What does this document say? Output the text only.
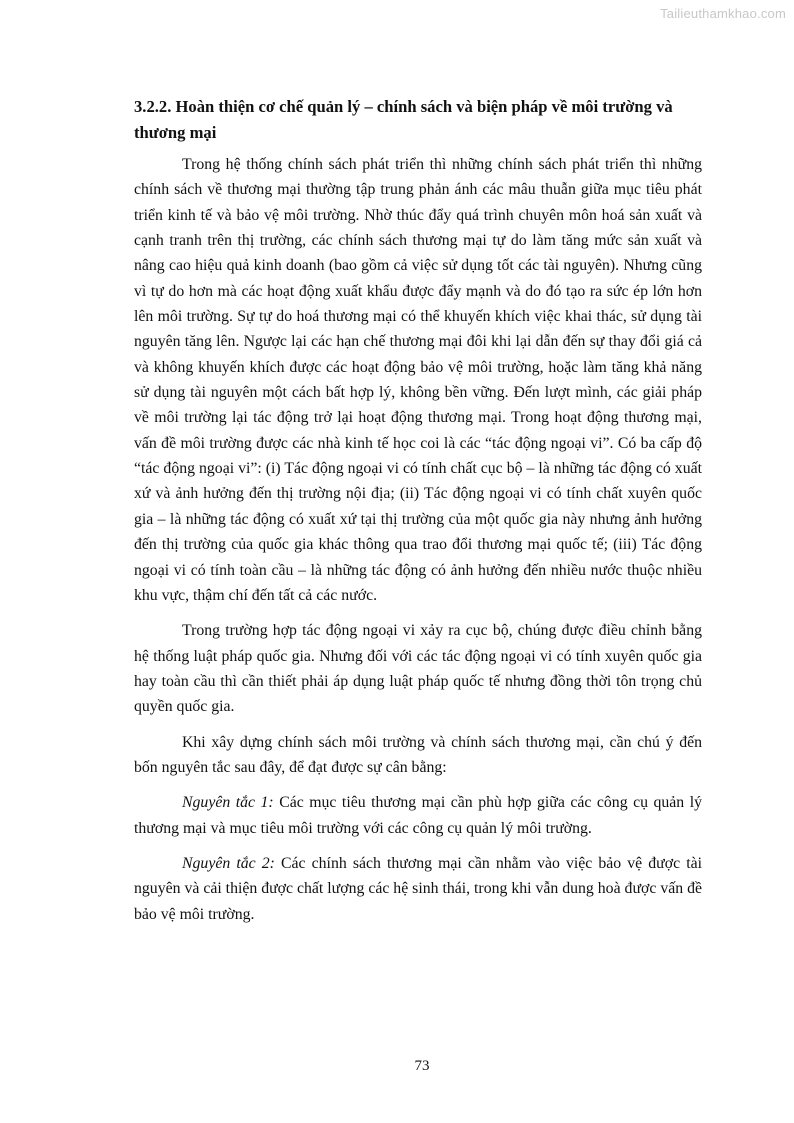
Tailieuthamkhao.com
3.2.2. Hoàn thiện cơ chế quản lý – chính sách và biện pháp về môi trường và thương mại

Trong hệ thống chính sách phát triển thì những chính sách phát triển thì những chính sách về thương mại thường tập trung phản ánh các mâu thuẫn giữa mục tiêu phát triển kinh tế và bảo vệ môi trường. Nhờ thúc đẩy quá trình chuyên môn hoá sản xuất và cạnh tranh trên thị trường, các chính sách thương mại tự do làm tăng mức sản xuất và nâng cao hiệu quả kinh doanh (bao gồm cả việc sử dụng tốt các tài nguyên). Nhưng cũng vì tự do hơn mà các hoạt động xuất khẩu được đẩy mạnh và do đó tạo ra sức ép lớn hơn lên môi trường. Sự tự do hoá thương mại có thể khuyến khích việc khai thác, sử dụng tài nguyên tăng lên. Ngược lại các hạn chế thương mại đôi khi lại dẫn đến sự thay đổi giá cả và không khuyến khích được các hoạt động bảo vệ môi trường, hoặc làm tăng khả năng sử dụng tài nguyên một cách bất hợp lý, không bền vững. Đến lượt mình, các giải pháp về môi trường lại tác động trở lại hoạt động thương mại. Trong hoạt động thương mại, vấn đề môi trường được các nhà kinh tế học coi là các “tác động ngoại vi”. Có ba cấp độ “tác động ngoại vi”: (i) Tác động ngoại vi có tính chất cục bộ – là những tác động có xuất xứ và ảnh hưởng đến thị trường nội địa; (ii) Tác động ngoại vi có tính chất xuyên quốc gia – là những tác động có xuất xứ tại thị trường của một quốc gia này nhưng ảnh hưởng đến thị trường của quốc gia khác thông qua trao đổi thương mại quốc tế; (iii) Tác động ngoại vi có tính toàn cầu – là những tác động có ảnh hưởng đến nhiều nước thuộc nhiều khu vực, thậm chí đến tất cả các nước.

Trong trường hợp tác động ngoại vi xảy ra cục bộ, chúng được điều chỉnh bằng hệ thống luật pháp quốc gia. Nhưng đối với các tác động ngoại vi có tính xuyên quốc gia hay toàn cầu thì cần thiết phải áp dụng luật pháp quốc tế nhưng đồng thời tôn trọng chủ quyền quốc gia.

Khi xây dựng chính sách môi trường và chính sách thương mại, cần chú ý đến bốn nguyên tắc sau đây, để đạt được sự cân bằng:

Nguyên tắc 1: Các mục tiêu thương mại cần phù hợp giữa các công cụ quản lý thương mại và mục tiêu môi trường với các công cụ quản lý môi trường.

Nguyên tắc 2: Các chính sách thương mại cần nhằm vào việc bảo vệ được tài nguyên và cải thiện được chất lượng các hệ sinh thái, trong khi vẫn dung hoà được vấn đề bảo vệ môi trường.

73
